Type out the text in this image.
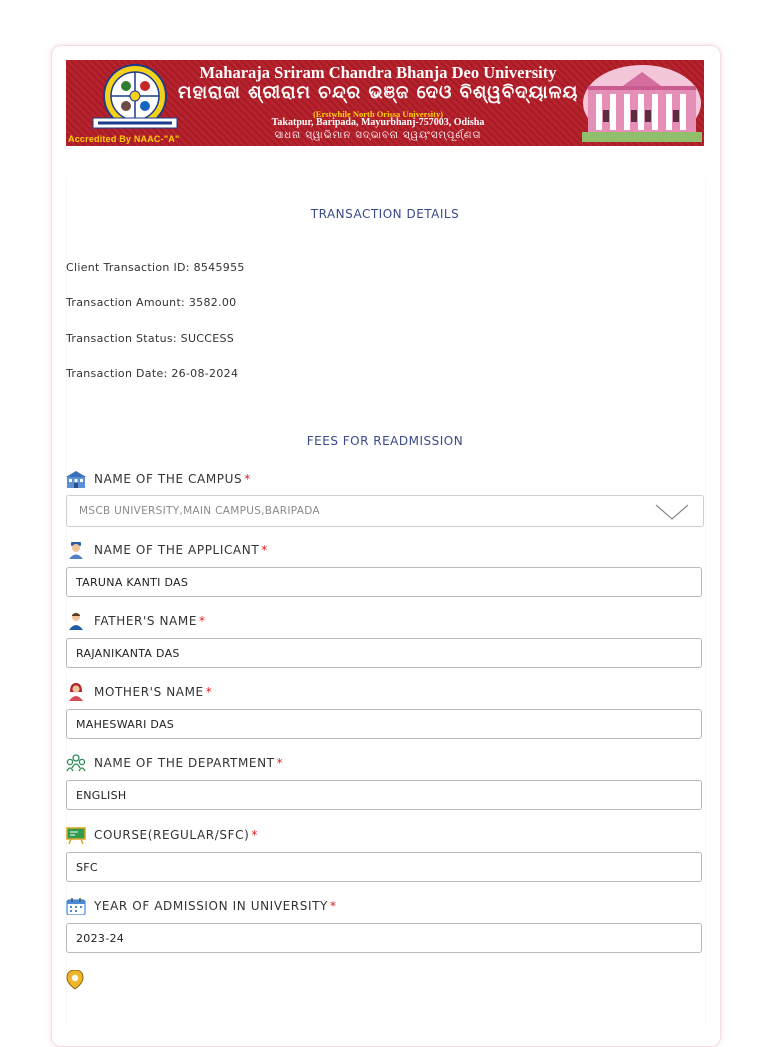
Accredited By NAAC-"A"
Maharaja Sriram Chandra Bhanja Deo University
ମହାରାଜା ଶ୍ରୀରାମ ଚନ୍ଦ୍ର ଭଞ୍ଜ ଦେଓ ବିଶ୍ୱବିଦ୍ୟାଳୟ
(Erstwhile North Orissa University)
Takatpur, Baripada, Mayurbhanj-757003, Odisha
ସାଧନା ସ୍ୱାଭିମାନ ସଦ୍ଭାବନା ସ୍ୱୟଂସମ୍ପୂର୍ଣ୍ଣତା
TRANSACTION DETAILS
Client Transaction ID: 8545955
Transaction Amount: 3582.00
Transaction Status: SUCCESS
Transaction Date: 26-08-2024
FEES FOR READMISSION
NAME OF THE CAMPUS *
MSCB UNIVERSITY,MAIN CAMPUS,BARIPADA
NAME OF THE APPLICANT *
TARUNA KANTI DAS
FATHER'S NAME *
RAJANIKANTA DAS
MOTHER'S NAME *
MAHESWARI DAS
NAME OF THE DEPARTMENT *
ENGLISH
COURSE(REGULAR/SFC) *
SFC
YEAR OF ADMISSION IN UNIVERSITY *
2023-24
